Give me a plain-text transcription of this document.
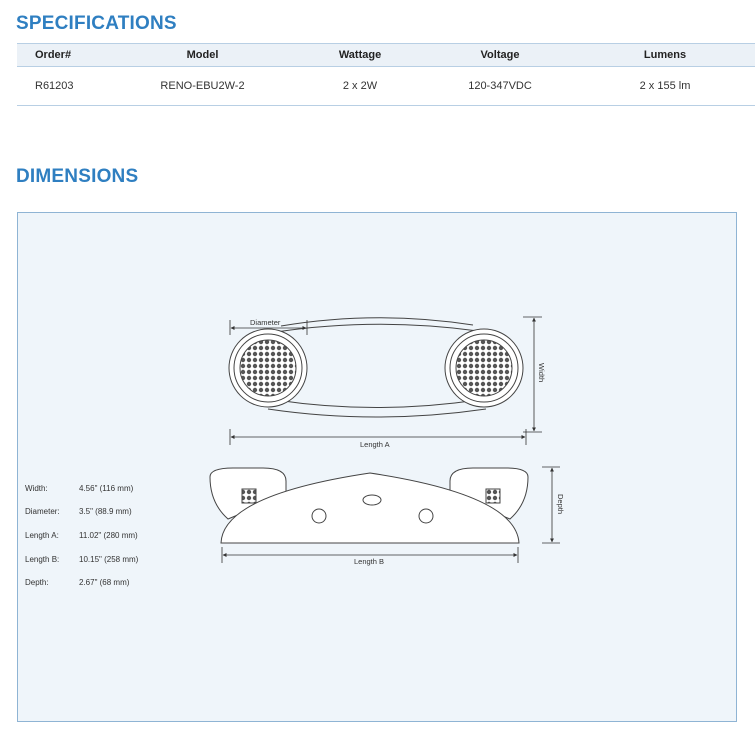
SPECIFICATIONS
Order#	Model	Wattage	Voltage	Lumens
R61203	RENO-EBU2W-2	2 x 2W	120-347VDC	2 x 155 lm
DIMENSIONS
Diameter
Width
Length A
Depth
Length B
Width:	4.56" (116 mm)
Diameter: 3.5" (88.9 mm)
Length A:	11.02" (280 mm)
Length B: 10.15" (258 mm)
Depth:	2.67" (68 mm)
